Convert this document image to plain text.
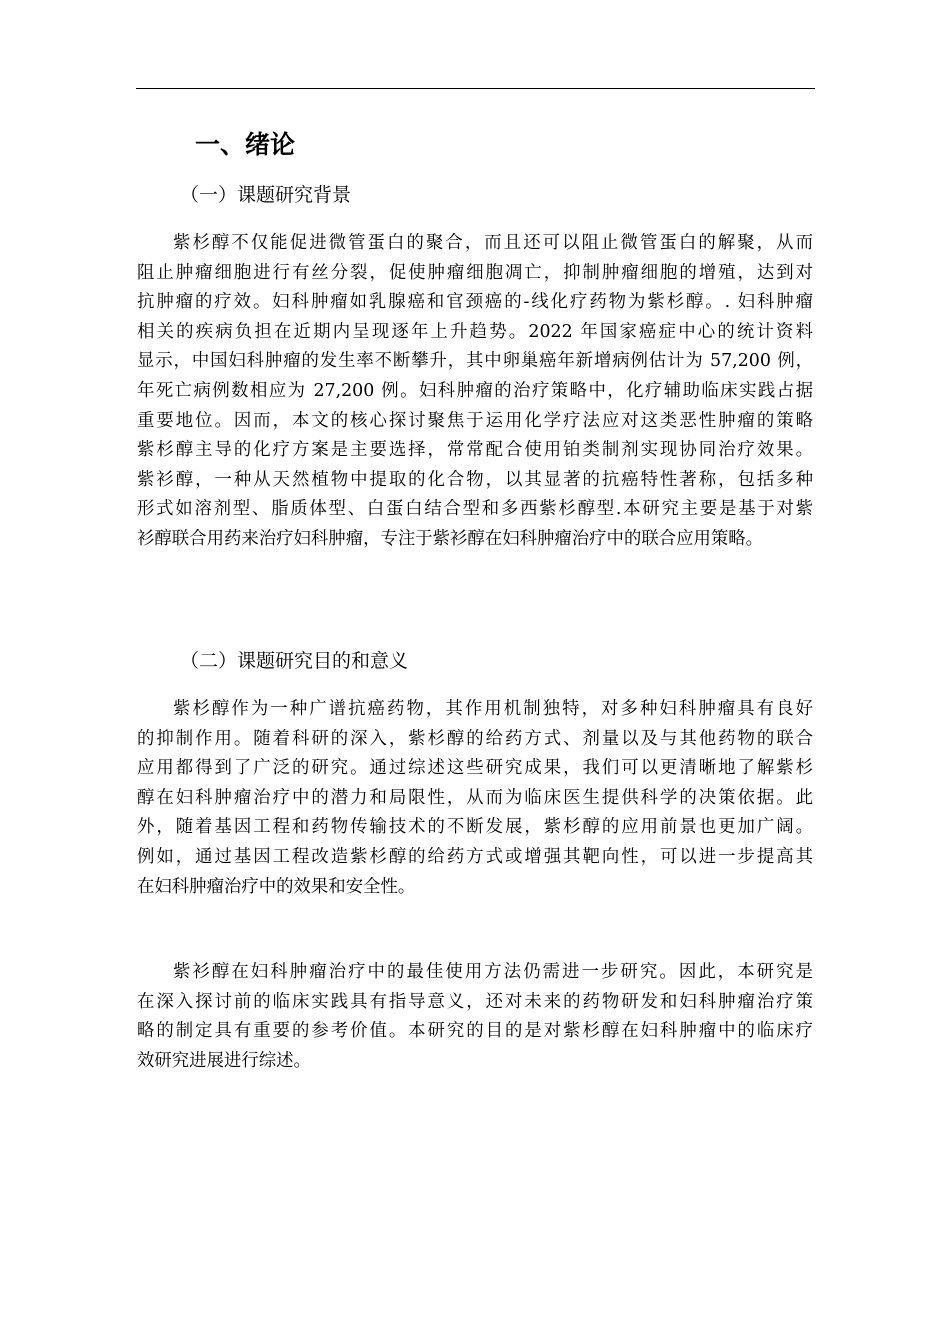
一、绪论
（一）课题研究背景
紫杉醇不仅能促进微管蛋白的聚合，而且还可以阻止微管蛋白的解聚，从而
阻止肿瘤细胞进行有丝分裂，促使肿瘤细胞凋亡，抑制肿瘤细胞的增殖，达到对
抗肿瘤的疗效。妇科肿瘤如乳腺癌和官颈癌的-线化疗药物为紫杉醇。. 妇科肿瘤
相关的疾病负担在近期内呈现逐年上升趋势。2022 年国家癌症中心的统计资料
显示，中国妇科肿瘤的发生率不断攀升，其中卵巢癌年新增病例估计为 57,200 例，
年死亡病例数相应为 27,200 例。妇科肿瘤的治疗策略中，化疗辅助临床实践占据
重要地位。因而，本文的核心探讨聚焦于运用化学疗法应对这类恶性肿瘤的策略
紫杉醇主导的化疗方案是主要选择，常常配合使用铂类制剂实现协同治疗效果。
紫衫醇，一种从天然植物中提取的化合物，以其显著的抗癌特性著称，包括多种
形式如溶剂型、脂质体型、白蛋白结合型和多西紫杉醇型.本研究主要是基于对紫
衫醇联合用药来治疗妇科肿瘤，专注于紫衫醇在妇科肿瘤治疗中的联合应用策略。
（二）课题研究目的和意义
紫杉醇作为一种广谱抗癌药物，其作用机制独特，对多种妇科肿瘤具有良好
的抑制作用。随着科研的深入，紫杉醇的给药方式、剂量以及与其他药物的联合
应用都得到了广泛的研究。通过综述这些研究成果，我们可以更清晰地了解紫杉
醇在妇科肿瘤治疗中的潜力和局限性，从而为临床医生提供科学的决策依据。此
外，随着基因工程和药物传输技术的不断发展，紫杉醇的应用前景也更加广阔。
例如，通过基因工程改造紫杉醇的给药方式或增强其靶向性，可以进一步提高其
在妇科肿瘤治疗中的效果和安全性。
紫衫醇在妇科肿瘤治疗中的最佳使用方法仍需进一步研究。因此，本研究是
在深入探讨前的临床实践具有指导意义，还对未来的药物研发和妇科肿瘤治疗策
略的制定具有重要的参考价值。本研究的目的是对紫杉醇在妇科肿瘤中的临床疗
效研究进展进行综述。
